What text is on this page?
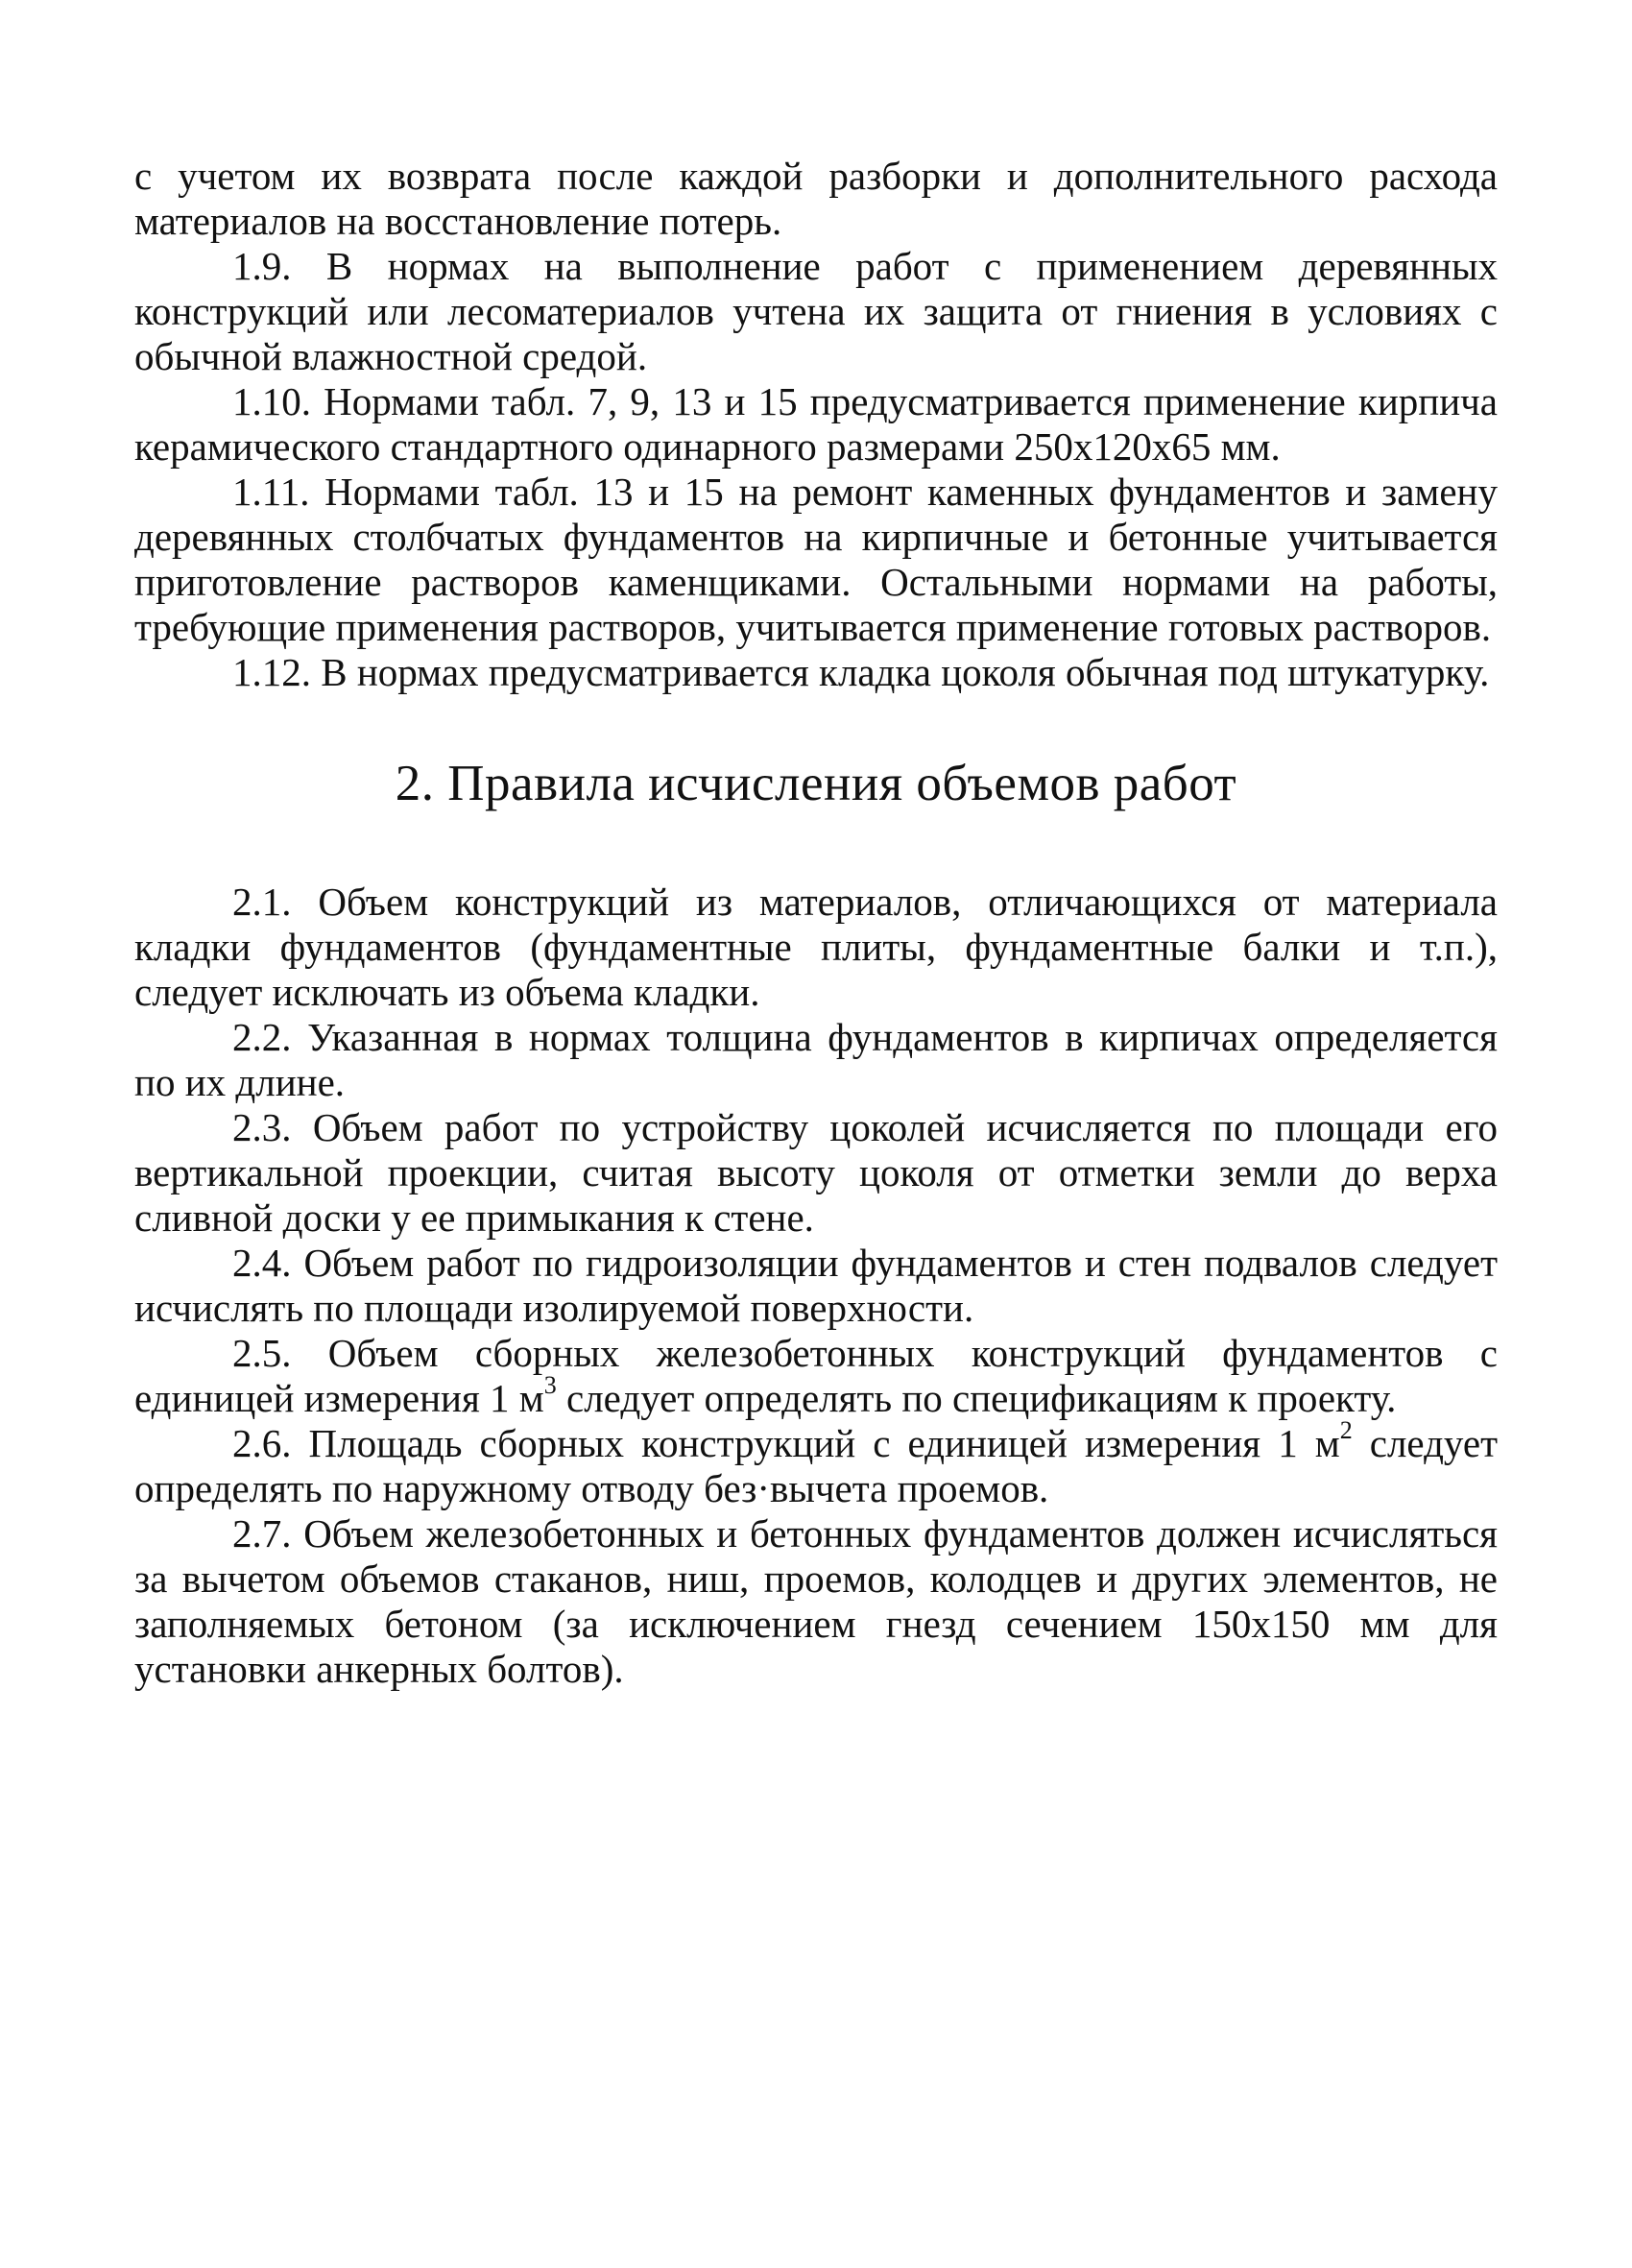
с учетом их возврата после каждой разборки и дополнительного расхода материалов на восстановление потерь.

1.9. В нормах на выполнение работ с применением деревянных конструкций или лесоматериалов учтена их защита от гниения в условиях с обычной влажностной средой.

1.10. Нормами табл. 7, 9, 13 и 15 предусматривается применение кирпича керамического стандартного одинарного размерами 250х120х65 мм.

1.11. Нормами табл. 13 и 15 на ремонт каменных фундаментов и замену деревянных столбчатых фундаментов на кирпичные и бетонные учитывается приготовление растворов каменщиками. Остальными нормами на работы, требующие применения растворов, учитывается применение готовых растворов.

1.12. В нормах предусматривается кладка цоколя обычная под штукатурку.

2. Правила исчисления объемов работ

2.1. Объем конструкций из материалов, отличающихся от материала кладки фундаментов (фундаментные плиты, фундаментные балки и т.п.), следует исключать из объема кладки.

2.2. Указанная в нормах толщина фундаментов в кирпичах определяется по их длине.

2.3. Объем работ по устройству цоколей исчисляется по площади его вертикальной проекции, считая высоту цоколя от отметки земли до верха сливной доски у ее примыкания к стене.

2.4. Объем работ по гидроизоляции фундаментов и стен подвалов следует исчислять по площади изолируемой поверхности.

2.5. Объем сборных железобетонных конструкций фундаментов с единицей измерения 1 $м^3$ следует определять по спецификациям к проекту.

2.6. Площадь сборных конструкций с единицей измерения 1 $м^2$ следует определять по наружному отводу без·вычета проемов.

2.7. Объем железобетонных и бетонных фундаментов должен исчисляться за вычетом объемов стаканов, ниш, проемов, колодцев и других элементов, не заполняемых бетоном (за исключением гнезд сечением 150х150 мм для установки анкерных болтов).
